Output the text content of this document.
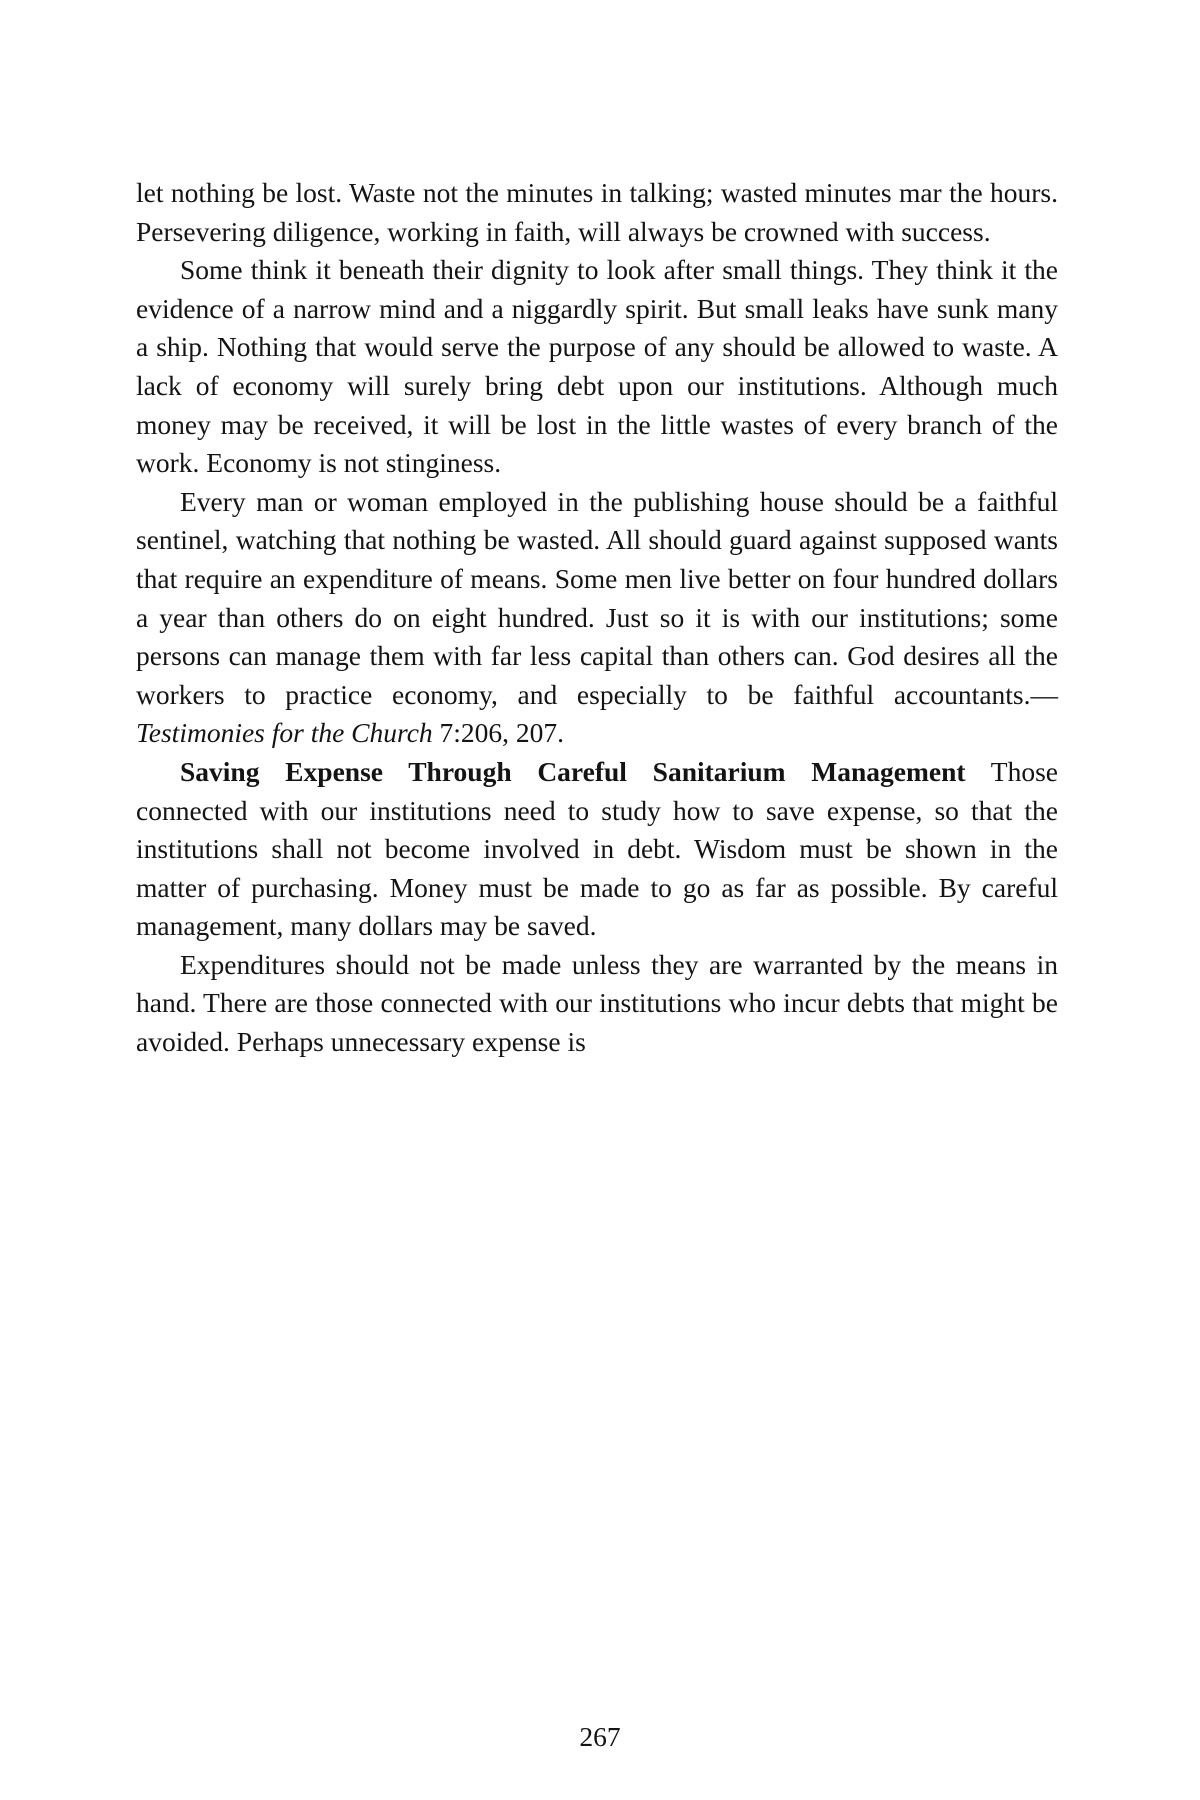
let nothing be lost. Waste not the minutes in talking; wasted minutes mar the hours. Persevering diligence, working in faith, will always be crowned with success.

Some think it beneath their dignity to look after small things. They think it the evidence of a narrow mind and a niggardly spirit. But small leaks have sunk many a ship. Nothing that would serve the purpose of any should be allowed to waste. A lack of economy will surely bring debt upon our institutions. Although much money may be received, it will be lost in the little wastes of every branch of the work. Economy is not stinginess.

Every man or woman employed in the publishing house should be a faithful sentinel, watching that nothing be wasted. All should guard against supposed wants that require an expenditure of means. Some men live better on four hundred dollars a year than others do on eight hundred. Just so it is with our institutions; some persons can manage them with far less capital than others can. God desires all the workers to practice economy, and especially to be faithful accountants.—Testimonies for the Church 7:206, 207.

Saving Expense Through Careful Sanitarium Management Those connected with our institutions need to study how to save expense, so that the institutions shall not become involved in debt. Wisdom must be shown in the matter of purchasing. Money must be made to go as far as possible. By careful management, many dollars may be saved.

Expenditures should not be made unless they are warranted by the means in hand. There are those connected with our institutions who incur debts that might be avoided. Perhaps unnecessary expense is

267
